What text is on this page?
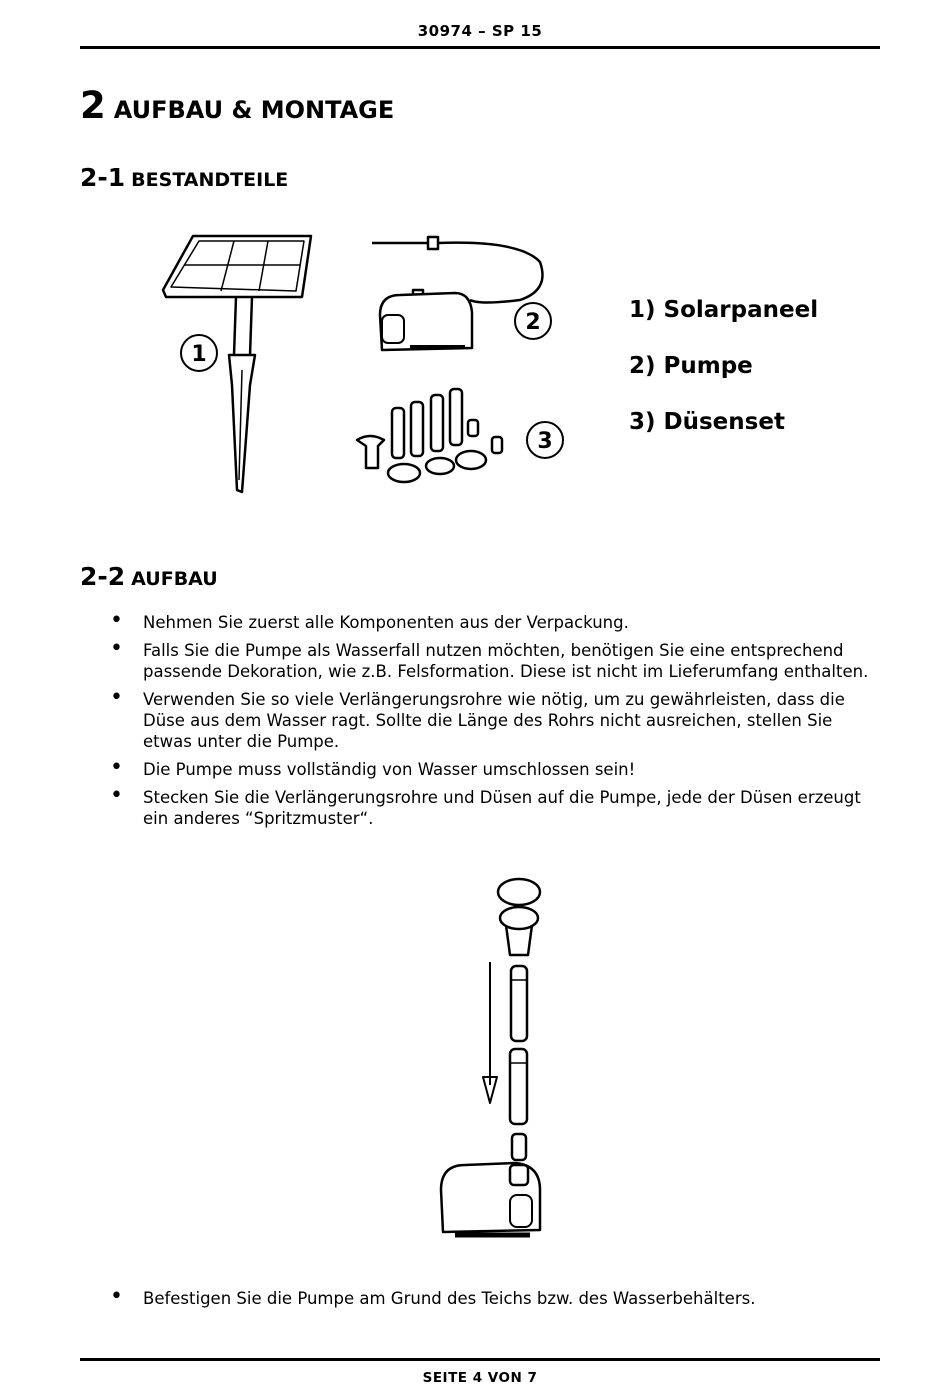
30974 – SP 15
2 AUFBAU & MONTAGE
2-1 BESTANDTEILE
1
2
3
1) Solarpaneel
2) Pumpe
3) Düsenset
2-2 AUFBAU
• Nehmen Sie zuerst alle Komponenten aus der Verpackung.
• Falls Sie die Pumpe als Wasserfall nutzen möchten, benötigen Sie eine entsprechend passende Dekoration, wie z.B. Felsformation. Diese ist nicht im Lieferumfang enthalten.
• Verwenden Sie so viele Verlängerungsrohre wie nötig, um zu gewährleisten, dass die Düse aus dem Wasser ragt. Sollte die Länge des Rohrs nicht ausreichen, stellen Sie etwas unter die Pumpe.
• Die Pumpe muss vollständig von Wasser umschlossen sein!
• Stecken Sie die Verlängerungsrohre und Düsen auf die Pumpe, jede der Düsen erzeugt ein anderes “Spritzmuster“.
• Befestigen Sie die Pumpe am Grund des Teichs bzw. des Wasserbehälters.
SEITE 4 VON 7
